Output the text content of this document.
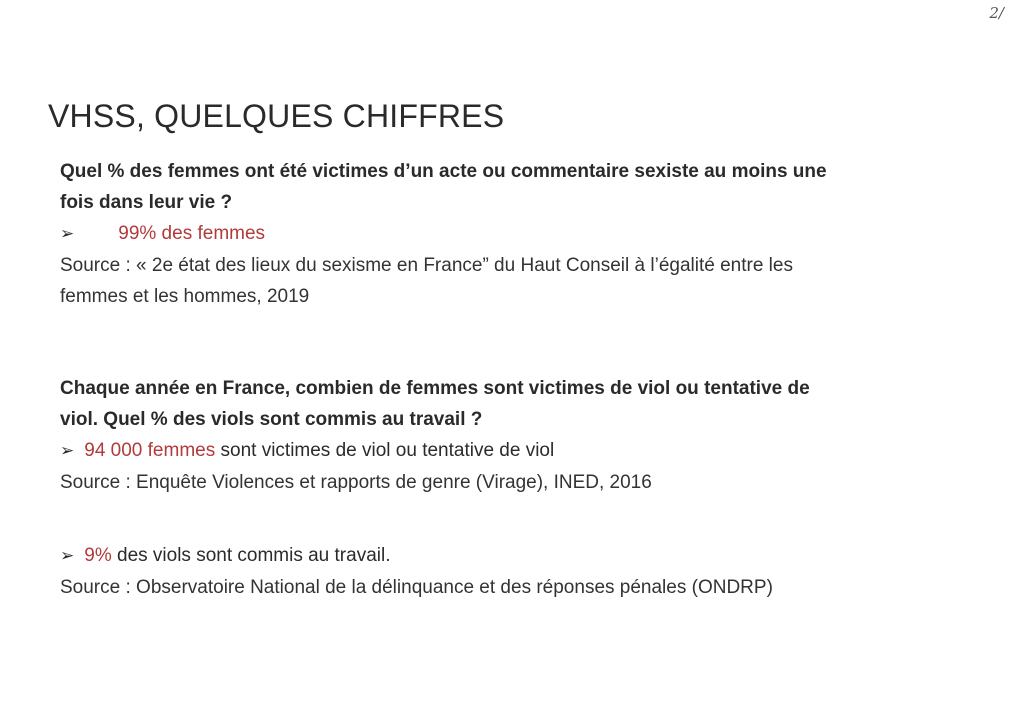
2/
VHSS, QUELQUES CHIFFRES
Quel % des femmes ont été victimes d’un acte ou commentaire sexiste au moins une
fois dans leur vie ?
➢ 99% des femmes
Source : « 2e état des lieux du sexisme en France” du Haut Conseil à l’égalité entre les
femmes et les hommes, 2019
Chaque année en France, combien de femmes sont victimes de viol ou tentative de
viol. Quel % des viols sont commis au travail ?
➢ 94 000 femmes sont victimes de viol ou tentative de viol
Source : Enquête Violences et rapports de genre (Virage), INED, 2016
➢ 9% des viols sont commis au travail.
Source : Observatoire National de la délinquance et des réponses pénales (ONDRP)
